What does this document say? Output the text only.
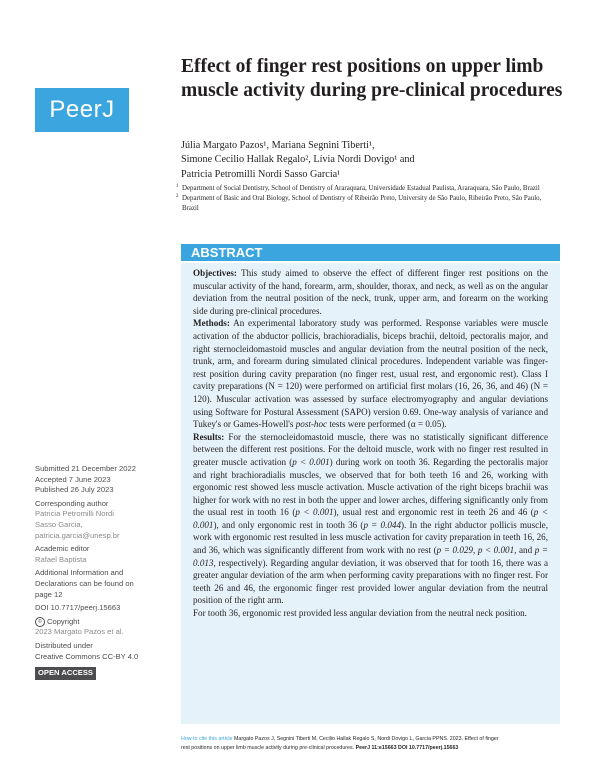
PeerJ
Effect of finger rest positions on upper limb muscle activity during pre-clinical procedures
Júlia Margato Pazos¹, Mariana Segnini Tiberti¹,
Simone Cecilio Hallak Regalo², Lívia Nordi Dovigo¹ and
Patricia Petromilli Nordi Sasso Garcia¹
1 Department of Social Dentistry, School of Dentistry of Araraquara, Universidade Estadual Paulista, Araraquara, São Paulo, Brazil
2 Department of Basic and Oral Biology, School of Dentistry of Ribeirão Preto, University de São Paulo, Ribeirão Preto, São Paulo, Brazil
ABSTRACT

Objectives: This study aimed to observe the effect of different finger rest positions on the muscular activity of the hand, forearm, arm, shoulder, thorax, and neck, as well as on the angular deviation from the neutral position of the neck, trunk, upper arm, and forearm on the working side during pre-clinical procedures.

Methods: An experimental laboratory study was performed. Response variables were muscle activation of the abductor pollicis, brachioradialis, biceps brachii, deltoid, pectoralis major, and right sternocleidomastoid muscles and angular deviation from the neutral position of the neck, trunk, arm, and forearm during simulated clinical procedures. Independent variable was finger-rest position during cavity preparation (no finger rest, usual rest, and ergonomic rest). Class I cavity preparations (N = 120) were performed on artificial first molars (16, 26, 36, and 46) (N = 120). Muscular activation was assessed by surface electromyography and angular deviations using Software for Postural Assessment (SAPO) version 0.69. One-way analysis of variance and Tukey's or Games-Howell's post-hoc tests were performed (α = 0.05).

Results: For the sternocleidomastoid muscle, there was no statistically significant difference between the different rest positions. For the deltoid muscle, work with no finger rest resulted in greater muscle activation (p < 0.001) during work on tooth 36. Regarding the pectoralis major and right brachioradialis muscles, we observed that for both teeth 16 and 26, working with ergonomic rest showed less muscle activation. Muscle activation of the right biceps brachii was higher for work with no rest in both the upper and lower arches, differing significantly only from the usual rest in tooth 16 (p < 0.001), usual rest and ergonomic rest in teeth 26 and 46 (p < 0.001), and only ergonomic rest in tooth 36 (p = 0.044). In the right abductor pollicis muscle, work with ergonomic rest resulted in less muscle activation for cavity preparation in teeth 16, 26, and 36, which was significantly different from work with no rest (p = 0.029, p < 0.001, and p = 0.013, respectively). Regarding angular deviation, it was observed that for tooth 16, there was a greater angular deviation of the arm when performing cavity preparations with no finger rest. For teeth 26 and 46, the ergonomic finger rest provided lower angular deviation from the neutral position of the right arm.

For tooth 36, ergonomic rest provided less angular deviation from the neutral neck position.

Submitted 21 December 2022
Accepted 7 June 2023
Published 26 July 2023
Corresponding author
Patricia Petromilli Nordi
Sasso Garcia,
patricia.garcia@unesp.br
Academic editor
Rafael Baptista
Additional Information and
Declarations can be found on
page 12
DOI 10.7717/peerj.15663
© Copyright
2023 Margato Pazos et al.
Distributed under
Creative Commons CC-BY 4.0
OPEN ACCESS
How to cite this article Margato Pazos J, Segnini Tiberti M, Cecilio Hallak Regalo S, Nordi Dovigo L, Garcia PPNS. 2023. Effect of finger
rest positions on upper limb muscle activity during pre-clinical procedures. PeerJ 11:e15663 DOI 10.7717/peerj.15663
